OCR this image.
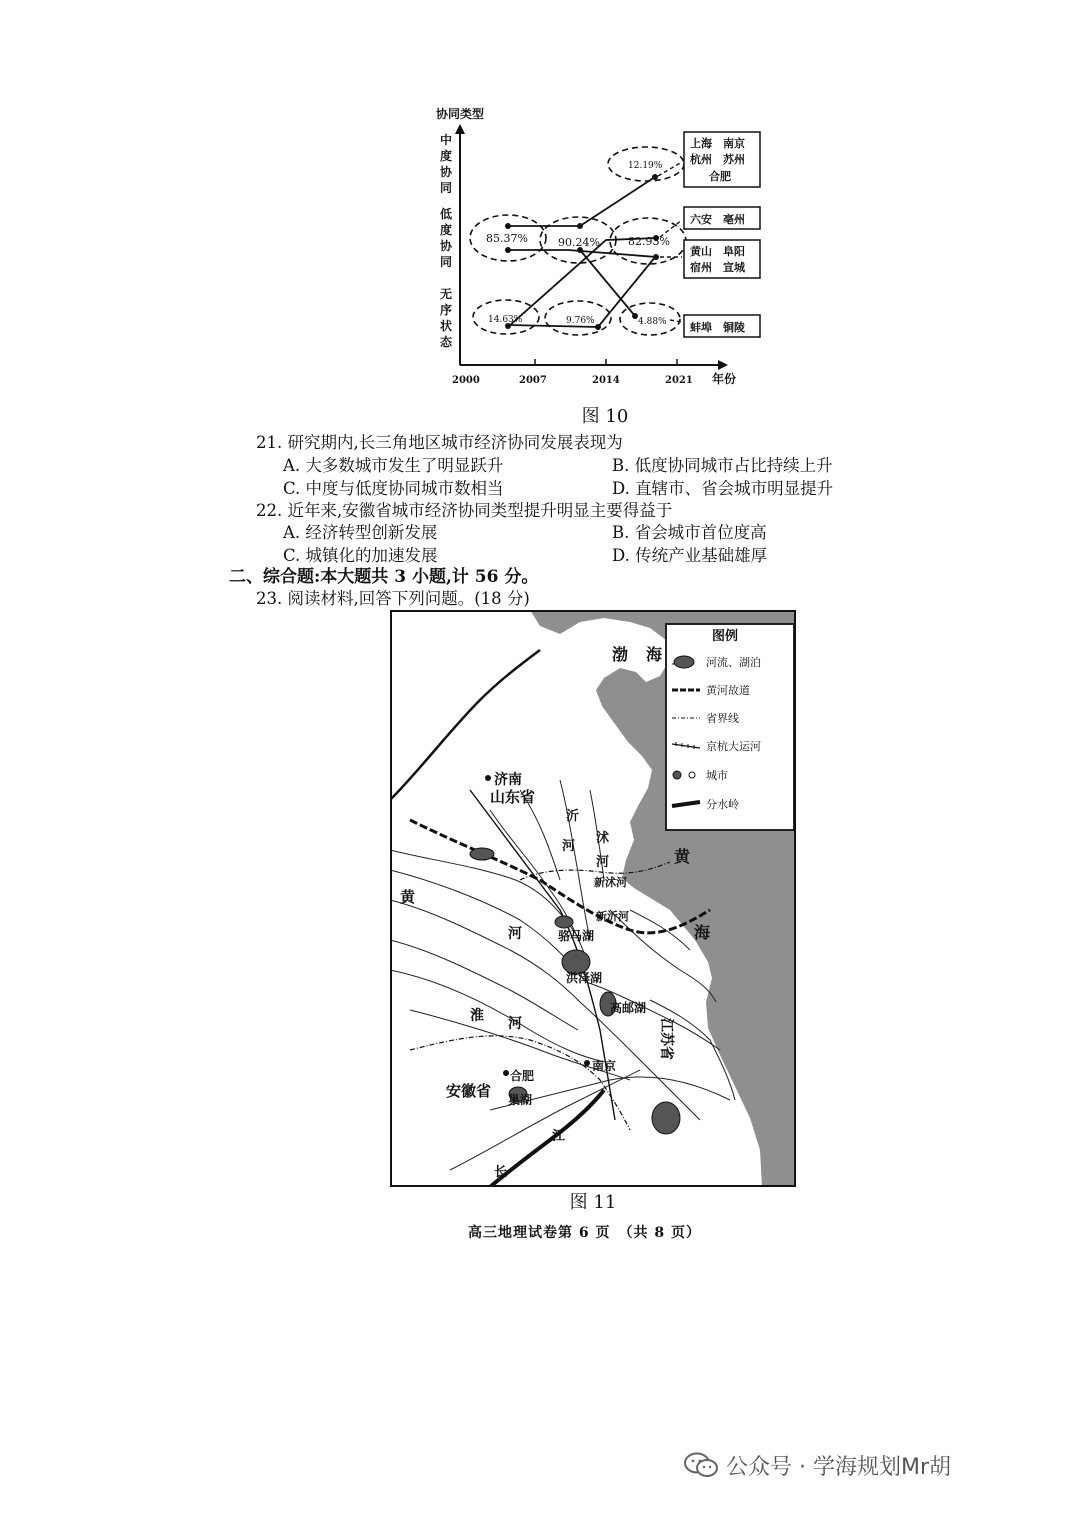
协同类型
中度协同
低度协同
无序状态
2000	2007	2014	2021 年份
12.19%
85.37%	90.24%	82.93%
14.63%	9.76%	4.88%
上海　南京
杭州　苏州
合肥
六安　亳州
黄山　阜阳
宿州　宣城
蚌埠　铜陵
图 10
21. 研究期内,长三角地区城市经济协同发展表现为
A. 大多数城市发生了明显跃升	B. 低度协同城市占比持续上升
C. 中度与低度协同城市数相当	D. 直辖市、省会城市明显提升
22. 近年来,安徽省城市经济协同类型提升明显主要得益于
A. 经济转型创新发展	B. 省会城市首位度高
C. 城镇化的加速发展	D. 传统产业基础雄厚
二、综合题:本大题共 3 小题,计 56 分。
23. 阅读材料,回答下列问题。(18 分)
渤 海
黄
海
济南
合肥
南京
巢湖
山东省
安徽省
江苏省
黄
河
淮 河
长
江
沂
河
沭
河
新沭河
新沂河
洪泽湖
高邮湖
骆马湖
图例
河流、湖泊
黄河故道
省界线
京杭大运河
城市
分水岭
图 11
高三地理试卷第 6 页　（共 8 页）
公众号 · 学海规划Mr胡
